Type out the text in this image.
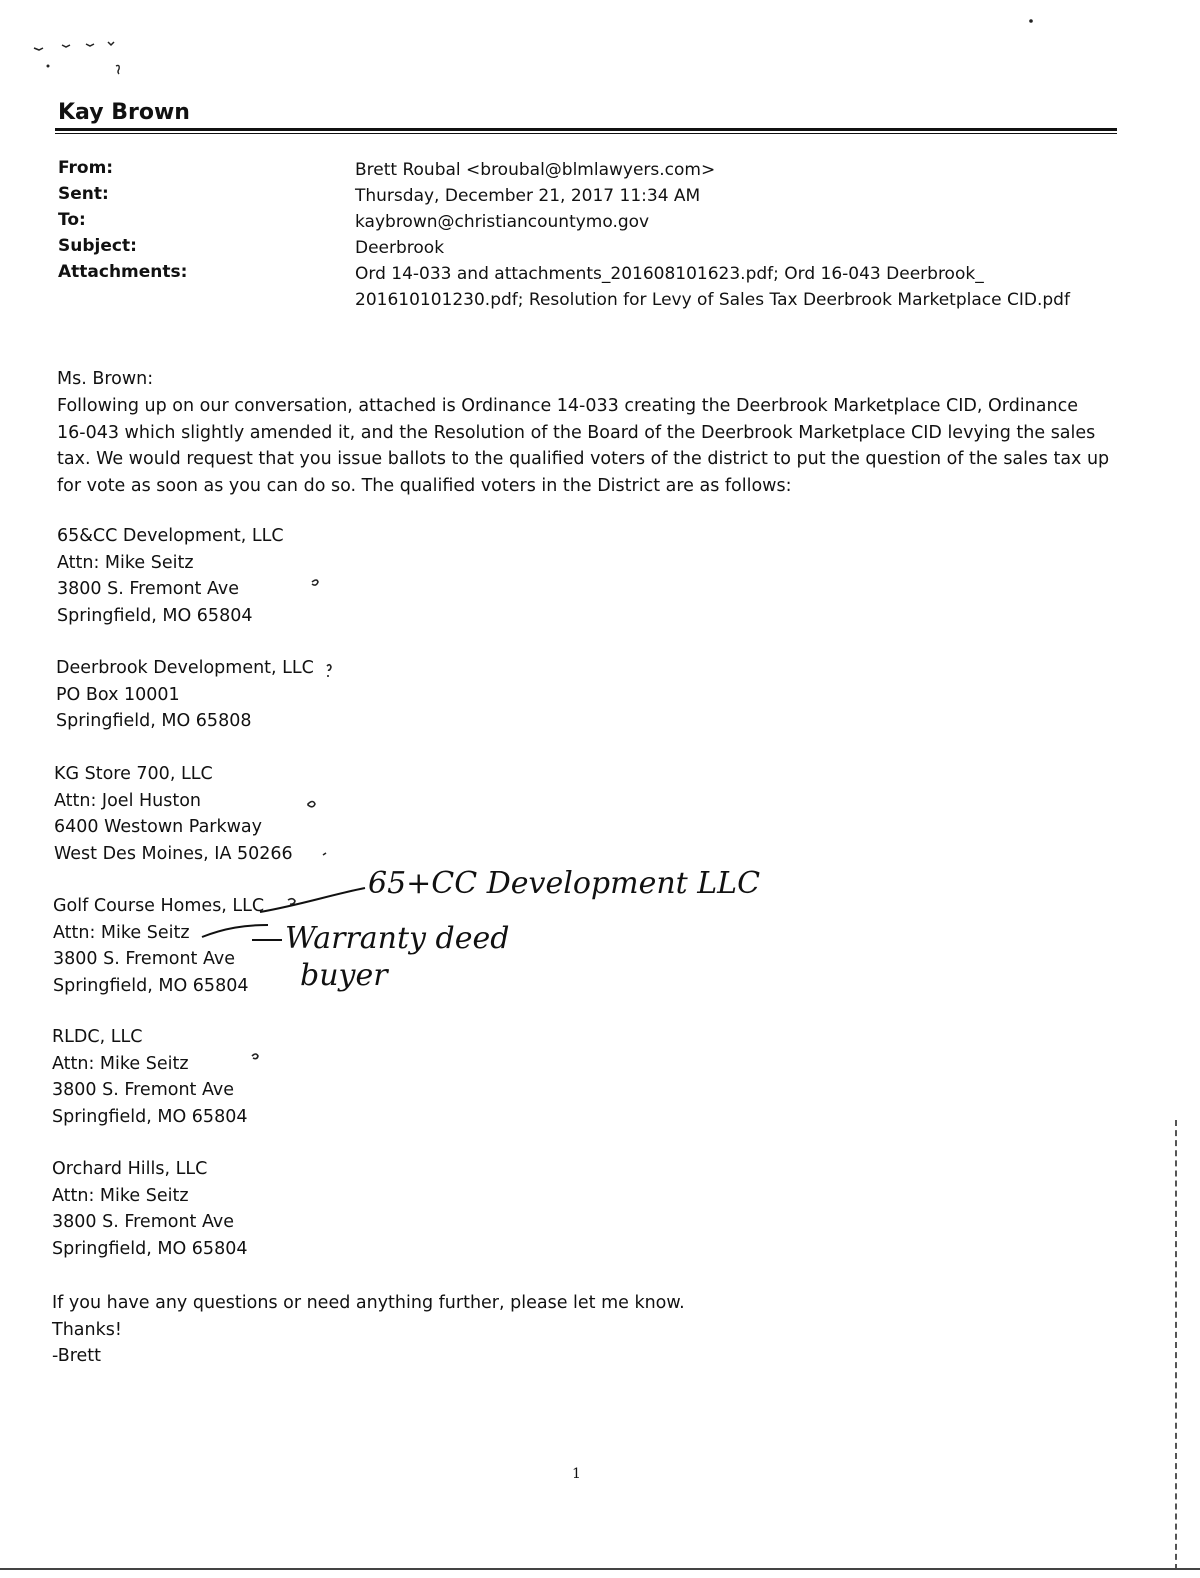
Kay Brown
From:	Brett Roubal <broubal@blmlawyers.com>
Sent:	Thursday, December 21, 2017 11:34 AM
To:	kaybrown@christiancountymo.gov
Subject:	Deerbrook
Attachments:	Ord 14-033 and attachments_201608101623.pdf; Ord 16-043 Deerbrook_ 201610101230.pdf; Resolution for Levy of Sales Tax Deerbrook Marketplace CID.pdf
Ms. Brown:
Following up on our conversation, attached is Ordinance 14-033 creating the Deerbrook Marketplace CID, Ordinance 16-043 which slightly amended it, and the Resolution of the Board of the Deerbrook Marketplace CID levying the sales tax. We would request that you issue ballots to the qualified voters of the district to put the question of the sales tax up for vote as soon as you can do so. The qualified voters in the District are as follows:
65&CC Development, LLC
Attn: Mike Seitz
3800 S. Fremont Ave
Springfield, MO 65804
Deerbrook Development, LLC
PO Box 10001
Springfield, MO 65808
KG Store 700, LLC
Attn: Joel Huston
6400 Westown Parkway
West Des Moines, IA 50266
Golf Course Homes, LLC
Attn: Mike Seitz
3800 S. Fremont Ave
Springfield, MO 65804
RLDC, LLC
Attn: Mike Seitz
3800 S. Fremont Ave
Springfield, MO 65804
Orchard Hills, LLC
Attn: Mike Seitz
3800 S. Fremont Ave
Springfield, MO 65804
If you have any questions or need anything further, please let me know.
Thanks!
-Brett
1
65+CC Development LLC
Warranty deed
buyer
